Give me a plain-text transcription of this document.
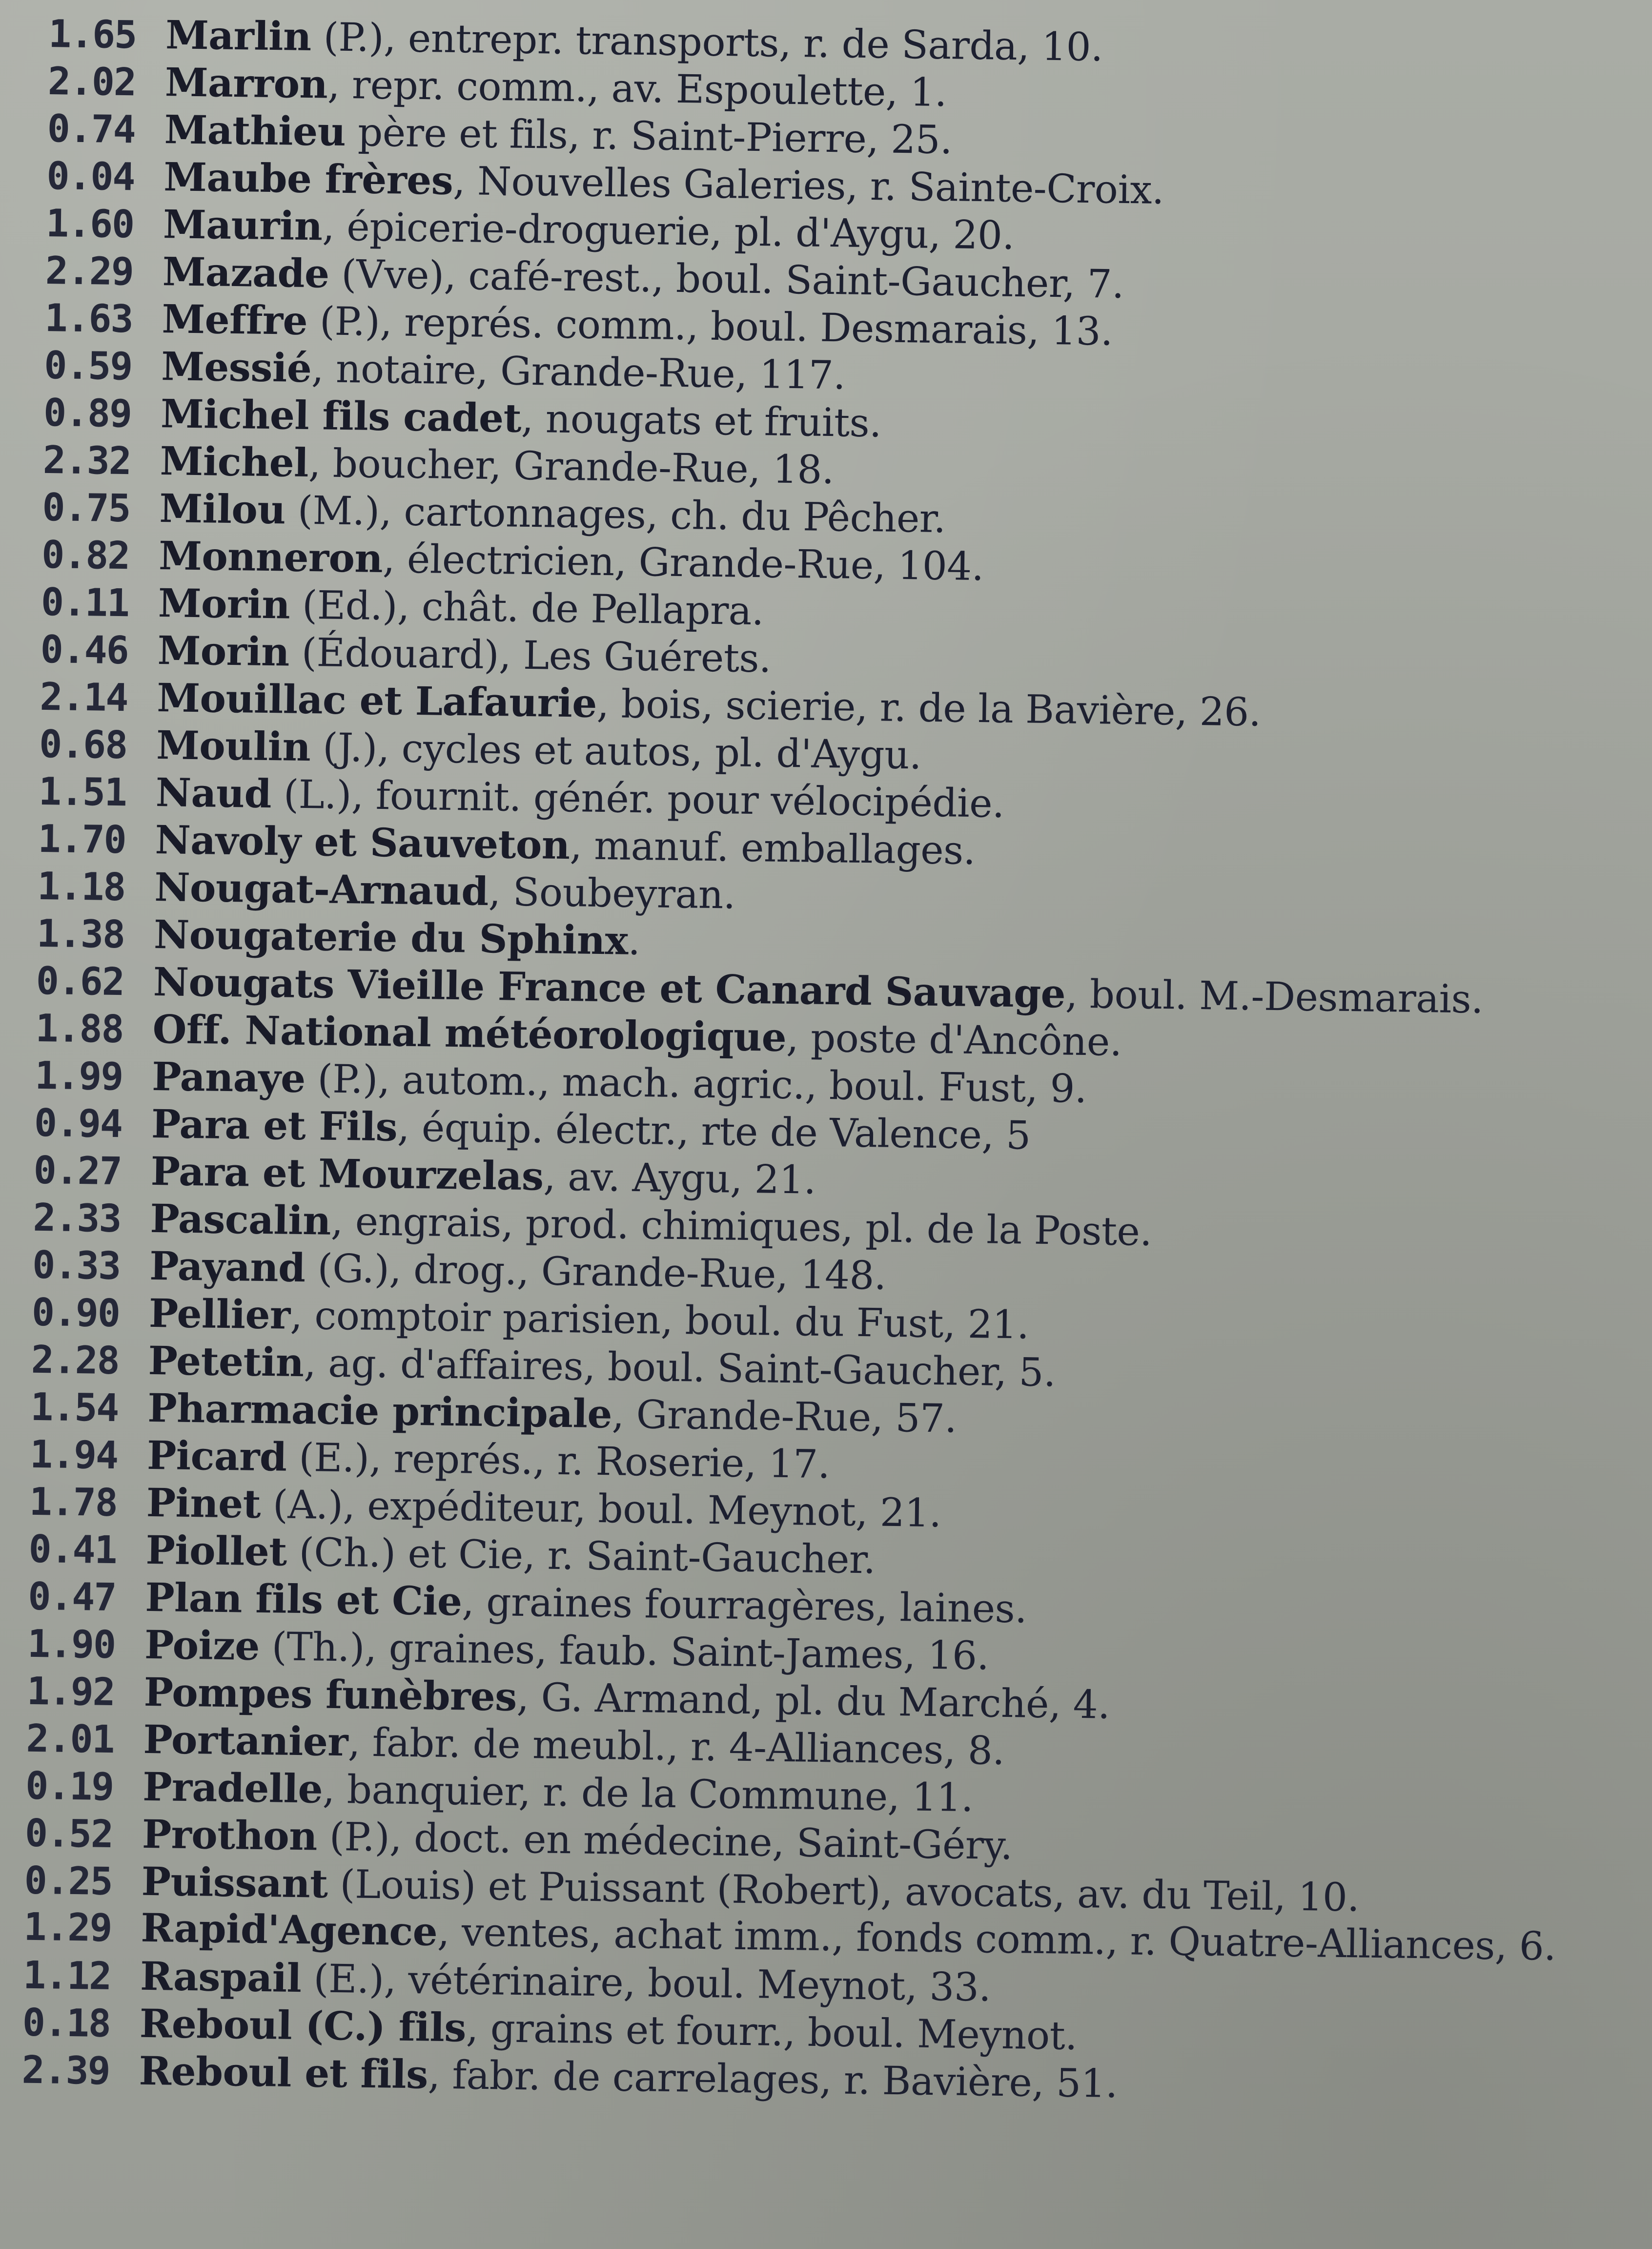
1.65 Marlin (P.), entrepr. transports, r. de Sarda, 10.
2.02 Marron, repr. comm., av. Espoulette, 1.
0.74 Mathieu père et fils, r. Saint-Pierre, 25.
0.04 Maube frères, Nouvelles Galeries, r. Sainte-Croix.
1.60 Maurin, épicerie-droguerie, pl. d'Aygu, 20.
2.29 Mazade (Vve), café-rest., boul. Saint-Gaucher, 7.
1.63 Meffre (P.), représ. comm., boul. Desmarais, 13.
0.59 Messié, notaire, Grande-Rue, 117.
0.89 Michel fils cadet, nougats et fruits.
2.32 Michel, boucher, Grande-Rue, 18.
0.75 Milou (M.), cartonnages, ch. du Pêcher.
0.82 Monneron, électricien, Grande-Rue, 104.
0.11 Morin (Ed.), chât. de Pellapra.
0.46 Morin (Édouard), Les Guérets.
2.14 Mouillac et Lafaurie, bois, scierie, r. de la Bavière, 26.
0.68 Moulin (J.), cycles et autos, pl. d'Aygu.
1.51 Naud (L.), fournit. génér. pour vélocipédie.
1.70 Navoly et Sauveton, manuf. emballages.
1.18 Nougat-Arnaud, Soubeyran.
1.38 Nougaterie du Sphinx.
0.62 Nougats Vieille France et Canard Sauvage, boul. M.-Desmarais.
1.88 Off. National météorologique, poste d'Ancône.
1.99 Panaye (P.), autom., mach. agric., boul. Fust, 9.
0.94 Para et Fils, équip. électr., rte de Valence, 5
0.27 Para et Mourzelas, av. Aygu, 21.
2.33 Pascalin, engrais, prod. chimiques, pl. de la Poste.
0.33 Payand (G.), drog., Grande-Rue, 148.
0.90 Pellier, comptoir parisien, boul. du Fust, 21.
2.28 Petetin, ag. d'affaires, boul. Saint-Gaucher, 5.
1.54 Pharmacie principale, Grande-Rue, 57.
1.94 Picard (E.), représ., r. Roserie, 17.
1.78 Pinet (A.), expéditeur, boul. Meynot, 21.
0.41 Piollet (Ch.) et Cie, r. Saint-Gaucher.
0.47 Plan fils et Cie, graines fourragères, laines.
1.90 Poize (Th.), graines, faub. Saint-James, 16.
1.92 Pompes funèbres, G. Armand, pl. du Marché, 4.
2.01 Portanier, fabr. de meubl., r. 4-Alliances, 8.
0.19 Pradelle, banquier, r. de la Commune, 11.
0.52 Prothon (P.), doct. en médecine, Saint-Géry.
0.25 Puissant (Louis) et Puissant (Robert), avocats, av. du Teil, 10.
1.29 Rapid'Agence, ventes, achat imm., fonds comm., r. Quatre-Alliances, 6.
1.12 Raspail (E.), vétérinaire, boul. Meynot, 33.
0.18 Reboul (C.) fils, grains et fourr., boul. Meynot.
2.39 Reboul et fils, fabr. de carrelages, r. Bavière, 51.
